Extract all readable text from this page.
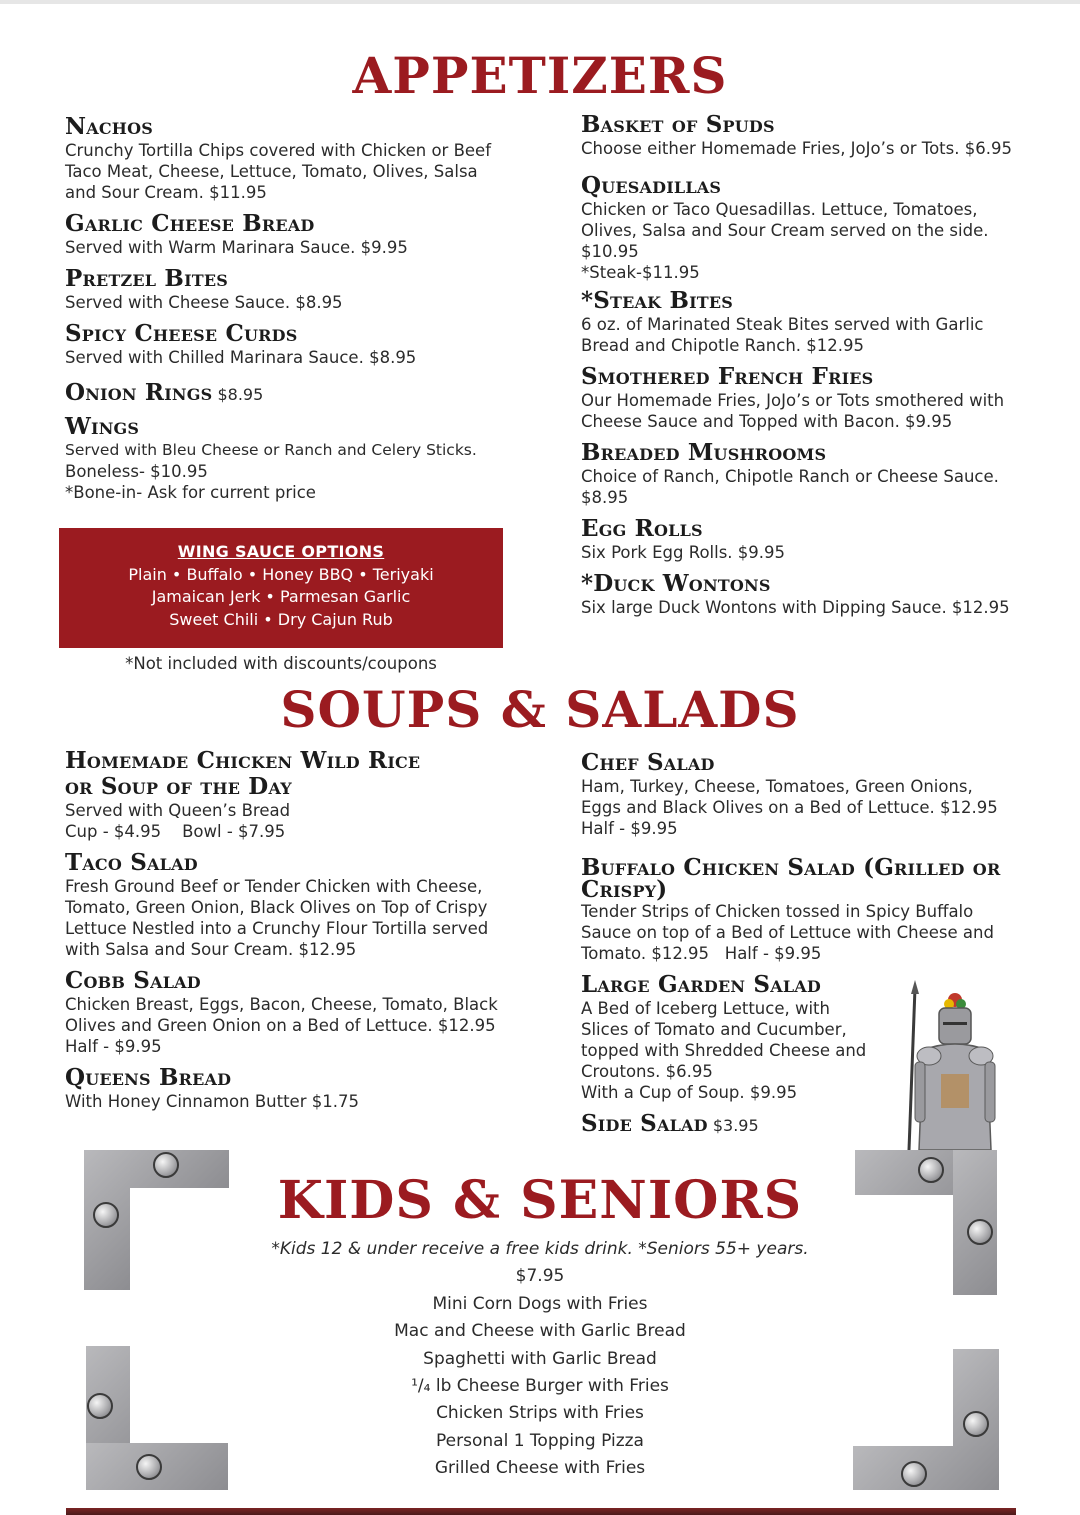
APPETIZERS
Nachos
Crunchy Tortilla Chips covered with Chicken or Beef
Taco Meat, Cheese, Lettuce, Tomato, Olives, Salsa
and Sour Cream. $11.95
Garlic Cheese Bread
Served with Warm Marinara Sauce. $9.95
Pretzel Bites
Served with Cheese Sauce. $8.95
Spicy Cheese Curds
Served with Chilled Marinara Sauce. $8.95
Onion Rings $8.95
Wings
Served with Bleu Cheese or Ranch and Celery Sticks.
Boneless- $10.95
*Bone-in- Ask for current price
Basket of Spuds
Choose either Homemade Fries, JoJo’s or Tots. $6.95
Quesadillas
Chicken or Taco Quesadillas. Lettuce, Tomatoes,
Olives, Salsa and Sour Cream served on the side.
$10.95
*Steak-$11.95
*Steak Bites
6 oz. of Marinated Steak Bites served with Garlic
Bread and Chipotle Ranch. $12.95
Smothered French Fries
Our Homemade Fries, JoJo’s or Tots smothered with
Cheese Sauce and Topped with Bacon. $9.95
Breaded Mushrooms
Choice of Ranch, Chipotle Ranch or Cheese Sauce.
$8.95
Egg Rolls
Six Pork Egg Rolls. $9.95
*Duck Wontons
Six large Duck Wontons with Dipping Sauce. $12.95
WING SAUCE OPTIONS
Plain • Buffalo • Honey BBQ • Teriyaki
Jamaican Jerk • Parmesan Garlic
Sweet Chili • Dry Cajun Rub
*Not included with discounts/coupons
SOUPS & SALADS
Homemade Chicken Wild Rice or Soup of the Day
Served with Queen’s Bread
Cup - $4.95    Bowl - $7.95
Taco Salad
Fresh Ground Beef or Tender Chicken with Cheese,
Tomato, Green Onion, Black Olives on Top of Crispy
Lettuce Nestled into a Crunchy Flour Tortilla served
with Salsa and Sour Cream. $12.95
Cobb Salad
Chicken Breast, Eggs, Bacon, Cheese, Tomato, Black
Olives and Green Onion on a Bed of Lettuce. $12.95
Half - $9.95
Queens Bread
With Honey Cinnamon Butter $1.75
Chef Salad
Ham, Turkey, Cheese, Tomatoes, Green Onions,
Eggs and Black Olives on a Bed of Lettuce. $12.95
Half - $9.95
Buffalo Chicken Salad (Grilled or Crispy)
Tender Strips of Chicken tossed in Spicy Buffalo
Sauce on top of a Bed of Lettuce with Cheese and
Tomato. $12.95   Half - $9.95
Large Garden Salad
A Bed of Iceberg Lettuce, with
Slices of Tomato and Cucumber,
topped with Shredded Cheese and
Croutons. $6.95
With a Cup of Soup. $9.95
Side Salad $3.95
KIDS & SENIORS
*Kids 12 & under receive a free kids drink. *Seniors 55+ years.
$7.95
Mini Corn Dogs with Fries
Mac and Cheese with Garlic Bread
Spaghetti with Garlic Bread
¹/₄ lb Cheese Burger with Fries
Chicken Strips with Fries
Personal 1 Topping Pizza
Grilled Cheese with Fries
